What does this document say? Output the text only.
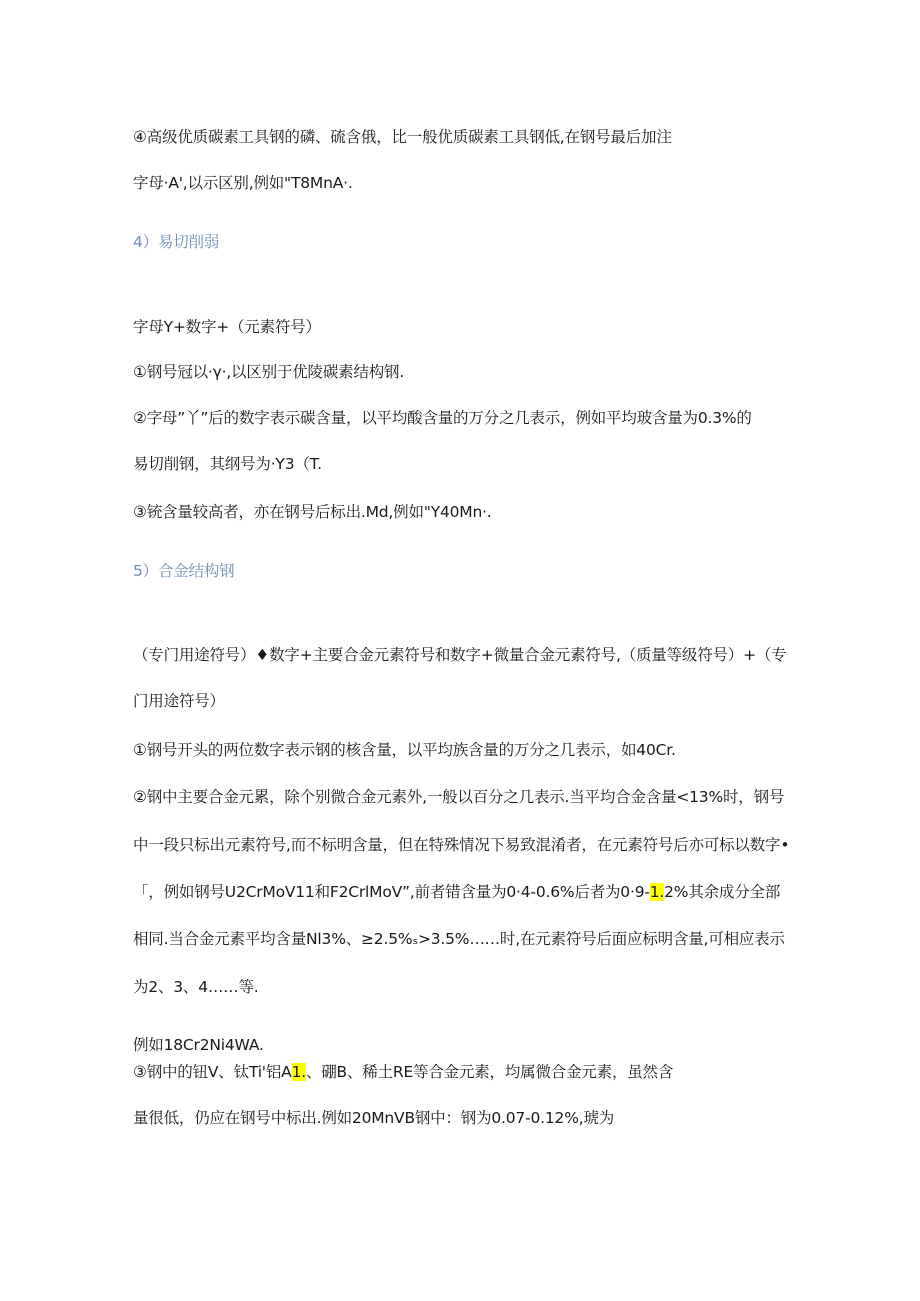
④高级优质碳素工具钢的磷、硫含俄，比一般优质碳素工具钢低,在钢号最后加注
字母·A',以示区别,例如"T8MnA·.
4）易切削弱
字母Y+数字+（元素符号）
①钢号冠以·γ·,以区别于优陵碳素结构钢.
②字母”丫”后的数字表示碳含量，以平均酸含量的万分之几表示，例如平均玻含量为0.3%的
易切削钢，其纲号为·Y3（T.
③铳含量较高者，亦在钢号后标出.Md,例如"Y40Mn·.
5）合金结构钢
（专门用途符号）♦数字+主要合金元素符号和数字+微量合金元素符号,（质量等级符号）+（专
门用途符号）
①钢号开头的两位数字表示钢的核含量，以平均族含量的万分之几表示，如40Cr.
②钢中主要合金元累，除个别微合金元素外,一般以百分之几表示.当平均合金含量<13%时，钢号
中一段只标出元素符号,而不标明含量，但在特殊情况下易致混淆者，在元素符号后亦可标以数字•
「，例如钢号U2CrMoV11和F2CrlMoV”,前者错含量为0·4-0.6%后者为0·9-1.2%其余成分全部
相同.当合金元素平均含量Nl3%、≥2.5%ₛ>3.5%……时,在元素符号后面应标明含量,可相应表示
为2、3、4……等.
例如18Cr2Ni4WA.
③钢中的钮V、钛Ti'铝A1.、硼B、稀土RE等合金元素，均属微合金元素，虽然含
量很低，仍应在钢号中标出.例如20MnVB钢中：钢为0.07-0.12%,琥为
